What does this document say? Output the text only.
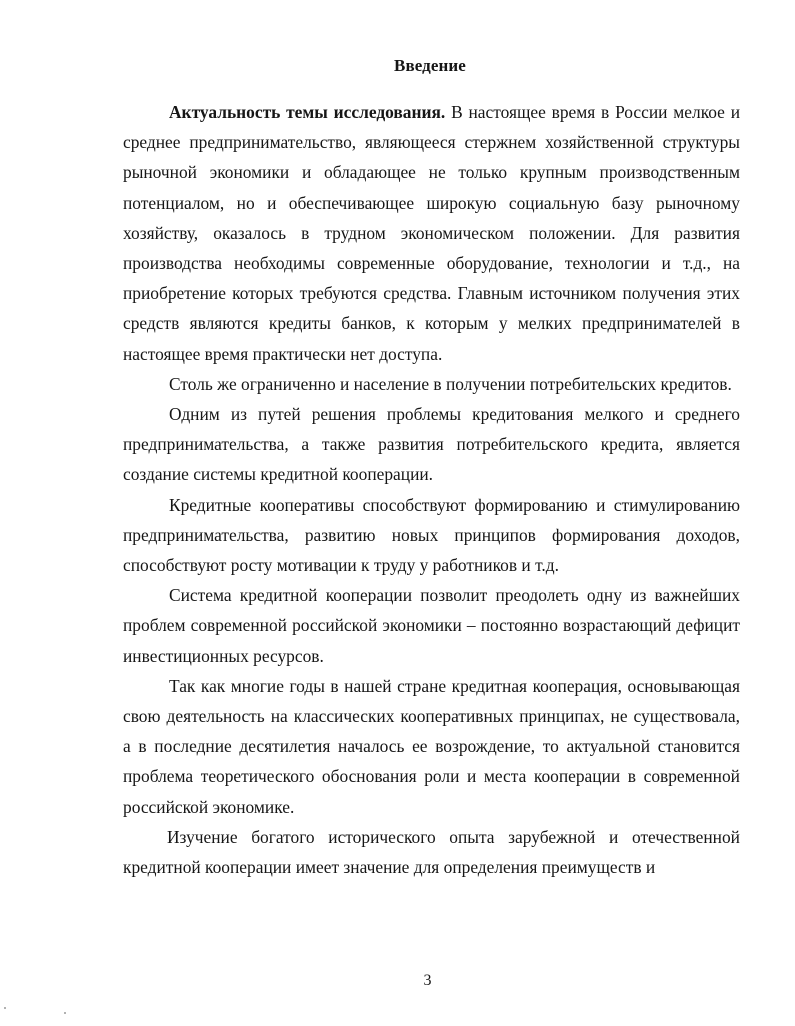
Введение

Актуальность темы исследования. В настоящее время в России мелкое и среднее предпринимательство, являющееся стержнем хозяйственной структуры рыночной экономики и обладающее не только крупным производственным потенциалом, но и обеспечивающее широкую социальную базу рыночному хозяйству, оказалось в трудном экономическом положении. Для развития производства необходимы современные оборудование, технологии и т.д., на приобретение которых требуются средства. Главным источником получения этих средств являются кредиты банков, к которым у мелких предпринимателей в настоящее время практически нет доступа.

Столь же ограниченно и население в получении потребительских кредитов.

Одним из путей решения проблемы кредитования мелкого и среднего предпринимательства, а также развития потребительского кредита, является создание системы кредитной кооперации.

Кредитные кооперативы способствуют формированию и стимулированию предпринимательства, развитию новых принципов формирования доходов, способствуют росту мотивации к труду у работников и т.д.

Система кредитной кооперации позволит преодолеть одну из важнейших проблем современной российской экономики – постоянно возрастающий дефицит инвестиционных ресурсов.

Так как многие годы в нашей стране кредитная кооперация, основывающая свою деятельность на классических кооперативных принципах, не существовала, а в последние десятилетия началось ее возрождение, то актуальной становится проблема теоретического обоснования роли и места кооперации в современной российской экономике.

Изучение богатого исторического опыта зарубежной и отечественной кредитной кооперации имеет значение для определения преимуществ и

3
